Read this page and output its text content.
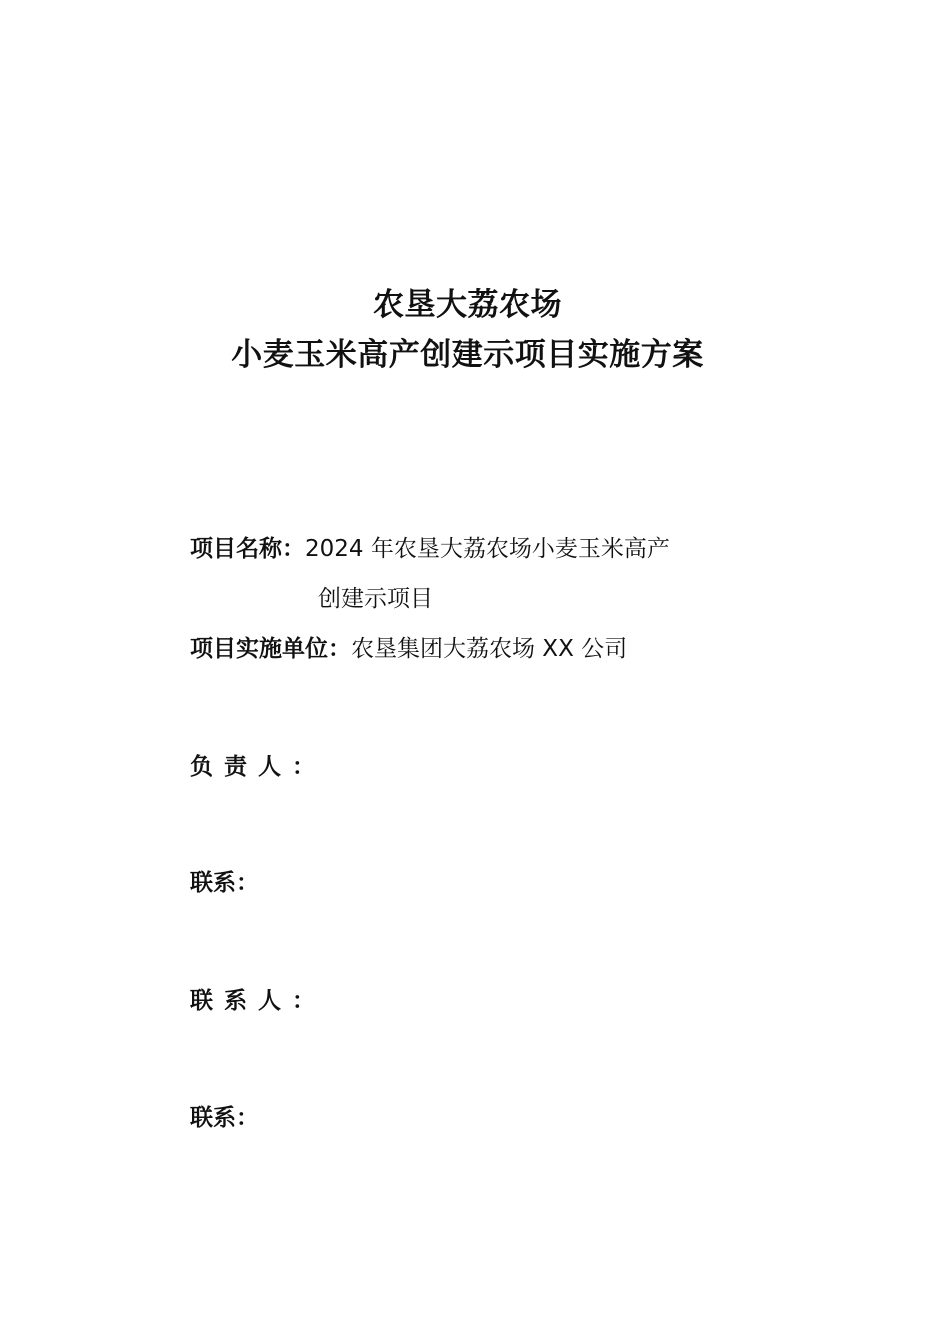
农垦大荔农场
小麦玉米高产创建示项目实施方案
项目名称：2024 年农垦大荔农场小麦玉米高产
创建示项目
项目实施单位：农垦集团大荔农场 XX 公司
负责人：
联系：
联系人：
联系：
